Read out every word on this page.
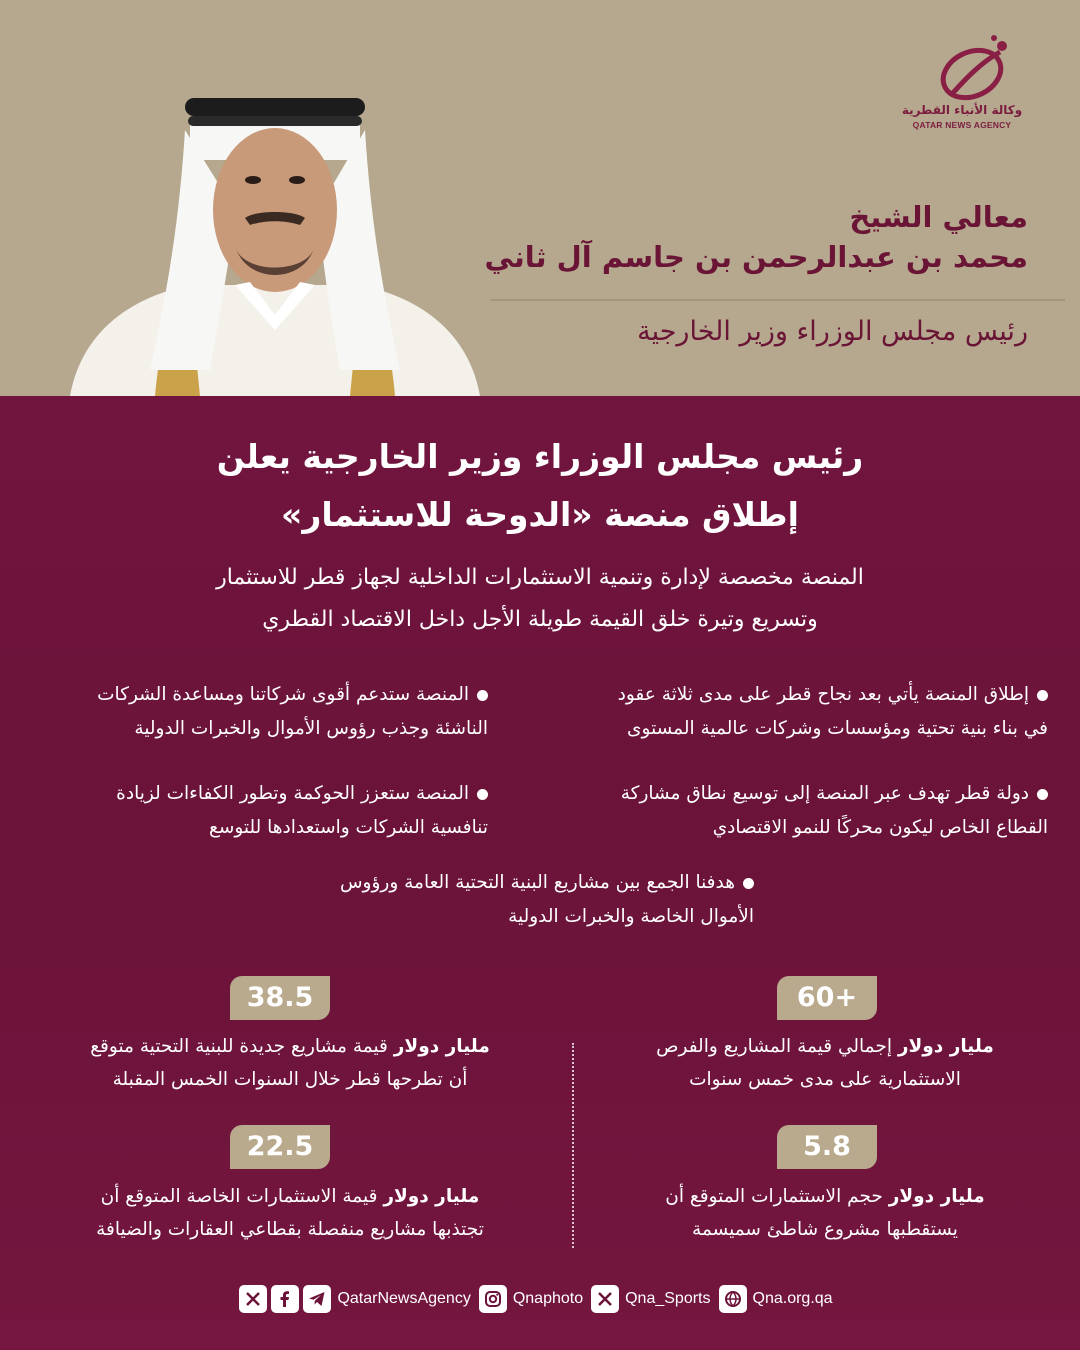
وكالة الأنباء القطرية
QATAR NEWS AGENCY
معالي الشيخ
محمد بن عبدالرحمن بن جاسم آل ثاني
رئيس مجلس الوزراء وزير الخارجية
رئيس مجلس الوزراء وزير الخارجية يعلن
إطلاق منصة «الدوحة للاستثمار»
المنصة مخصصة لإدارة وتنمية الاستثمارات الداخلية لجهاز قطر للاستثمار
وتسريع وتيرة خلق القيمة طويلة الأجل داخل الاقتصاد القطري
إطلاق المنصة يأتي بعد نجاح قطر على مدى ثلاثة عقود
في بناء بنية تحتية ومؤسسات وشركات عالمية المستوى
المنصة ستدعم أقوى شركاتنا ومساعدة الشركات
الناشئة وجذب رؤوس الأموال والخبرات الدولية
دولة قطر تهدف عبر المنصة إلى توسيع نطاق مشاركة
القطاع الخاص ليكون محركًا للنمو الاقتصادي
المنصة ستعزز الحوكمة وتطور الكفاءات لزيادة
تنافسية الشركات واستعدادها للتوسع
هدفنا الجمع بين مشاريع البنية التحتية العامة ورؤوس
الأموال الخاصة والخبرات الدولية
60+
مليار دولار إجمالي قيمة المشاريع والفرص
الاستثمارية على مدى خمس سنوات
38.5
مليار دولار قيمة مشاريع جديدة للبنية التحتية متوقع
أن تطرحها قطر خلال السنوات الخمس المقبلة
5.8
مليار دولار حجم الاستثمارات المتوقع أن
يستقطبها مشروع شاطئ سميسمة
22.5
مليار دولار قيمة الاستثمارات الخاصة المتوقع أن
تجتذبها مشاريع منفصلة بقطاعي العقارات والضيافة
QatarNewsAgency	Qnaphoto	Qna_Sports	Qna.org.qa
